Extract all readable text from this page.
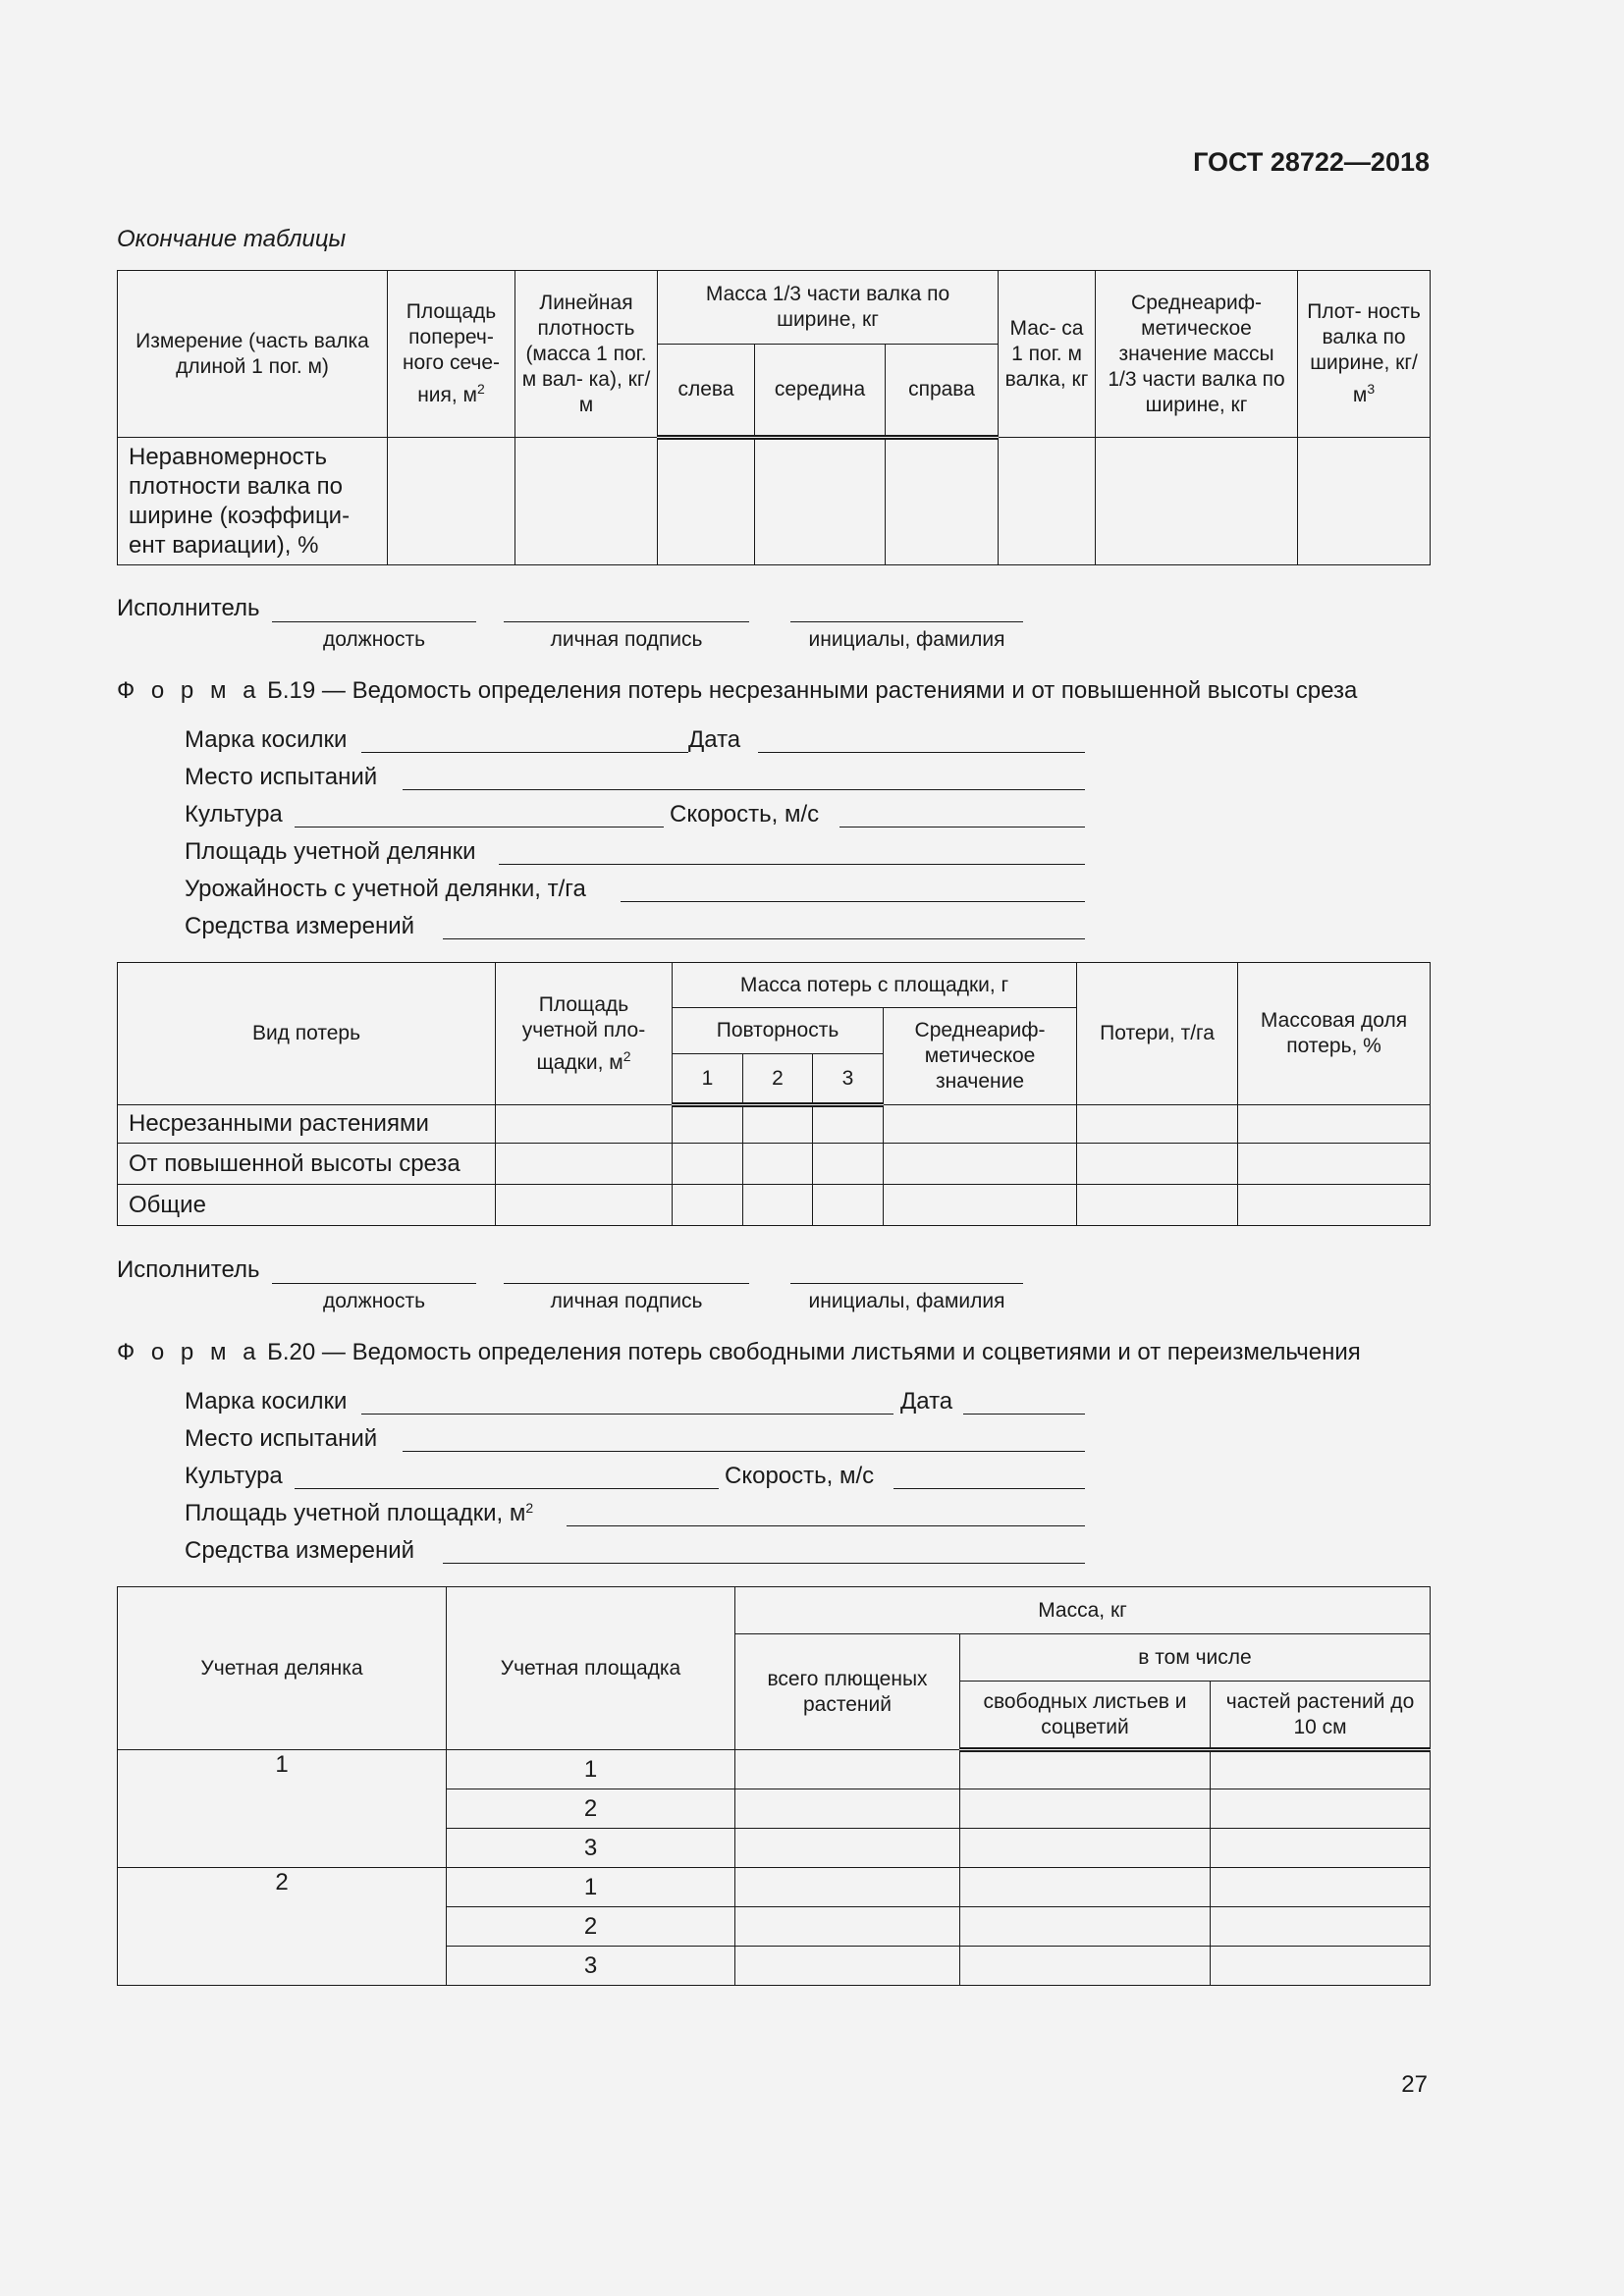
ГОСТ 28722—2018
Окончание таблицы
Измерение (часть валка длиной 1 пог. м)	Площадь попереч- ного сече- ния, $м^2$	Линейная плотность (масса 1 пог. м вал- ка), кг/м	Масса 1/3 части валка по ширине, кг			Мас- са 1 пог. м валка, кг	Среднеариф- метическое значение массы 1/3 части валка по ширине, кг	Плот- ность валка по ширине, $кг/м^3$
			слева	середина	справа			
Неравномерность плотности валка по ширине (коэффици- ент вариации), %								
Исполнитель
должность	личная подпись	инициалы, фамилия
Ф о р м а Б.19 — Ведомость определения потерь несрезанными растениями и от повышенной высоты среза
Марка косилки	Дата
Место испытаний
Культура	Скорость, м/с
Площадь учетной делянки
Урожайность с учетной делянки, т/га
Средства измерений
Вид потерь	Площадь учетной пло- щадки, $м^2$	Масса потерь с площадки, г				Потери, т/га	Массовая доля потерь, %
		Повторность			Среднеариф- метическое значение		
		1	2	3			
Несрезанными растениями							
От повышенной высоты среза							
Общие							
Исполнитель
должность	личная подпись	инициалы, фамилия
Ф о р м а Б.20 — Ведомость определения потерь свободными листьями и соцветиями и от переизмельчения
Марка косилки	Дата
Место испытаний
Культура	Скорость, м/с
Площадь учетной площадки, $м^2$
Средства измерений
Учетная делянка	Учетная площадка	Масса, кг		
		всего плющеных растений	в том числе	
			свободных листьев и соцветий	частей растений до 10 см
1	1			
	2			
	3			
2	1			
	2			
	3			
27
